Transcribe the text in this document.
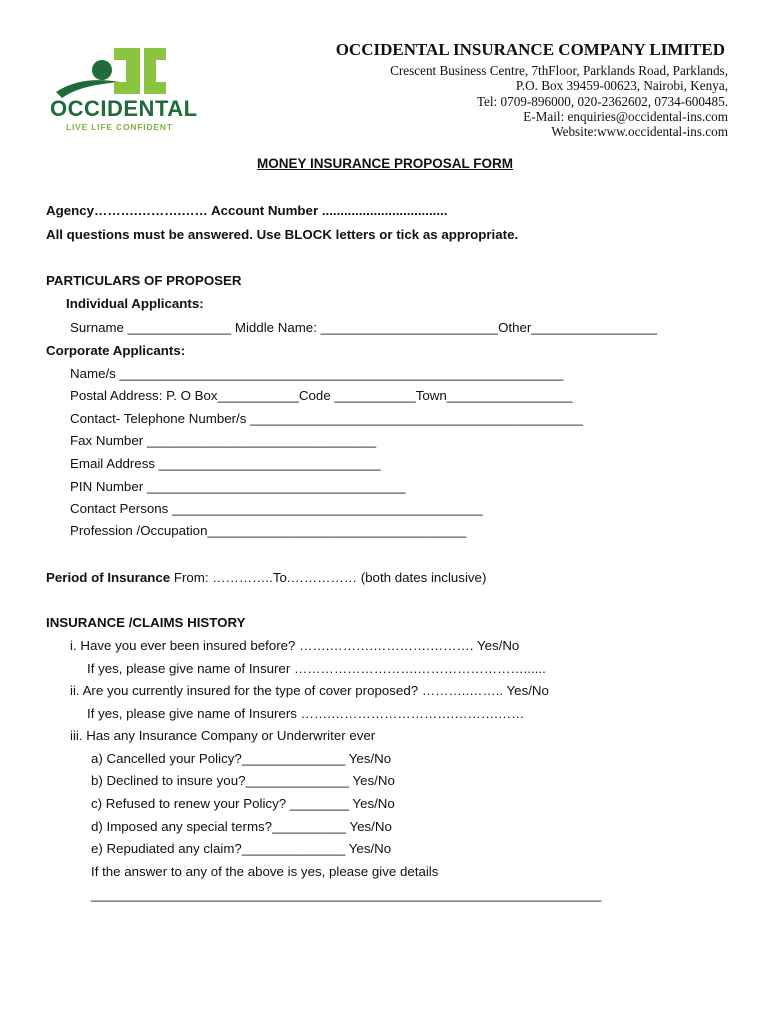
OCCIDENTAL
LIVE LIFE CONFIDENT
OCCIDENTAL INSURANCE COMPANY LIMITED
Crescent Business Centre, 7thFloor, Parklands Road, Parklands,
P.O. Box 39459-00623, Nairobi, Kenya,
Tel: 0709-896000, 020-2362602, 0734-600485.
E-Mail: enquiries@occidental-ins.com
Website:www.occidental-ins.com
MONEY INSURANCE PROPOSAL FORM
Agency……….……….…… Account Number ..................................
All questions must be answered. Use BLOCK letters or tick as appropriate.
PARTICULARS OF PROPOSER
Individual Applicants:
Surname ______________ Middle Name: ________________________Other_________________
Corporate Applicants:
Name/s ____________________________________________________________
Postal Address: P. O Box___________Code ___________Town_________________
Contact- Telephone Number/s _____________________________________________
Fax Number _______________________________
Email Address ______________________________
PIN Number ___________________________________
Contact Persons __________________________________________
Profession /Occupation___________________________________
Period of Insurance From: …………..To.…………… (both dates inclusive)
INSURANCE /CLAIMS HISTORY
i. Have you ever been insured before? …….……….………….………. Yes/No
If yes, please give name of Insurer ……………………….……………………......
ii. Are you currently insured for the type of cover proposed? ………..…….. Yes/No
If yes, please give name of Insurers …….……………………….……….……
iii. Has any Insurance Company or Underwriter ever
a) Cancelled your Policy?______________ Yes/No
b) Declined to insure you?______________ Yes/No
c) Refused to renew your Policy? ________ Yes/No
d) Imposed any special terms?__________ Yes/No
e) Repudiated any claim?______________ Yes/No
If the answer to any of the above is yes, please give details
_____________________________________________________________________
